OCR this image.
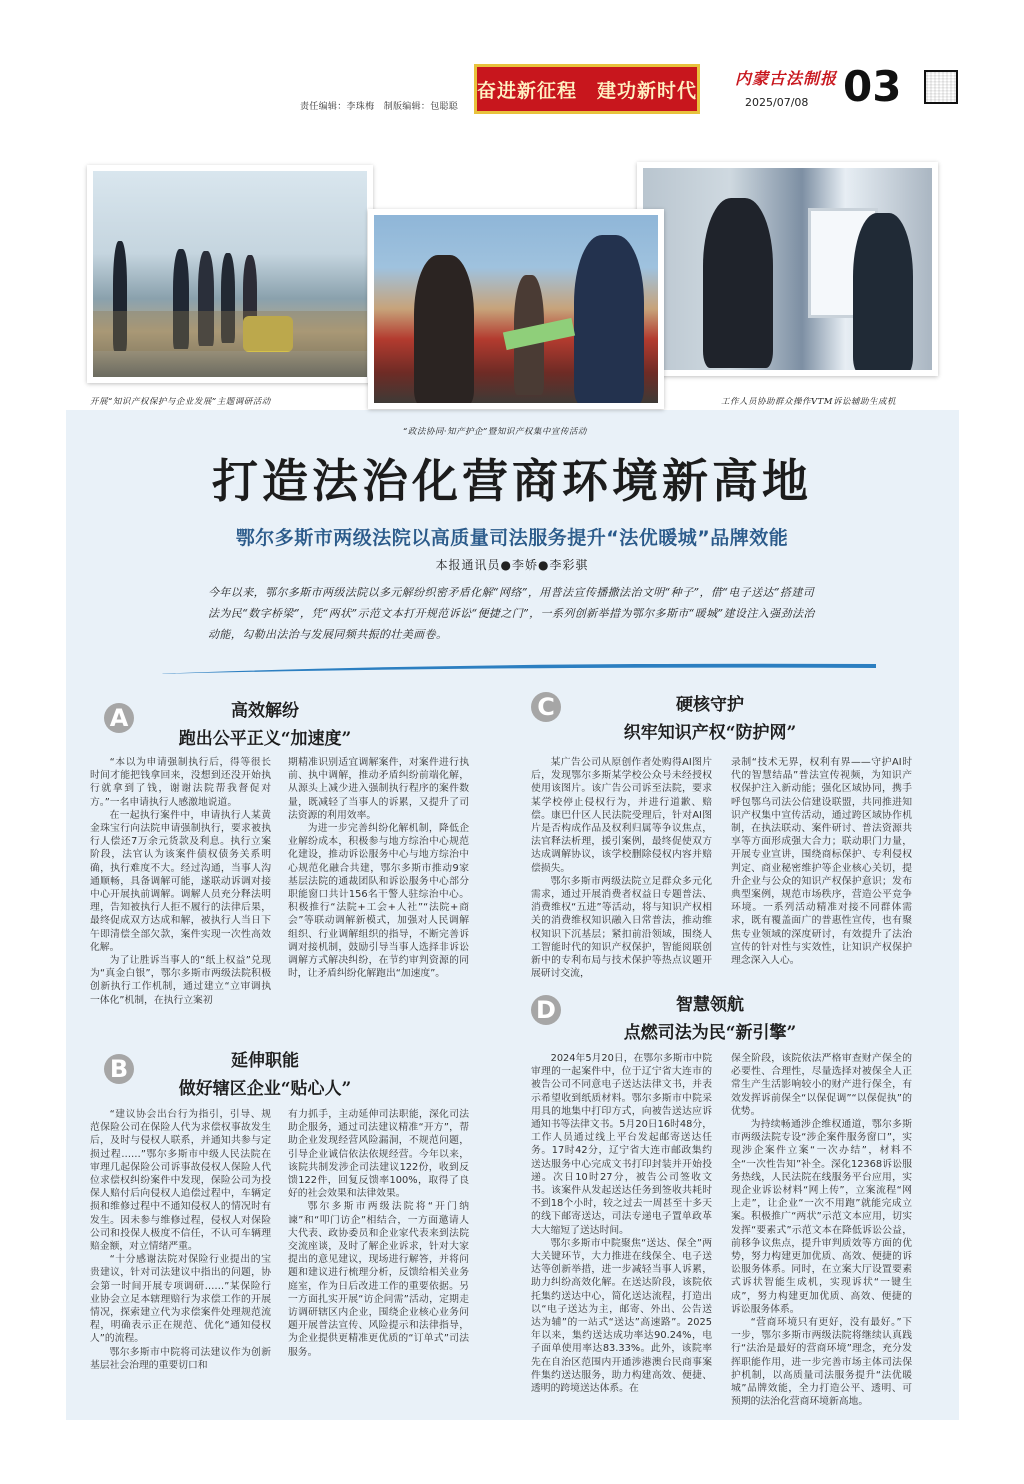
责任编辑：李珠梅　制版编辑：包聪聪
奋进新征程　建功新时代
内蒙古法制报
2025/07/08 03
开展“知识产权保护与企业发展”主题调研活动
“政法协同·知产护企”暨知识产权集中宣传活动
工作人员协助群众操作VTM诉讼辅助生成机
打造法治化营商环境新高地
鄂尔多斯市两级法院以高质量司法服务提升“法优暖城”品牌效能
本报通讯员●李娇●李彩骐
今年以来，鄂尔多斯市两级法院以多元解纷织密矛盾化解“网络”，用普法宣传播撒法治文明“种子”，借“电子送达”搭建司法为民“数字桥梁”，凭“两状”示范文本打开规范诉讼“便捷之门”，一系列创新举措为鄂尔多斯市“暖城”建设注入强劲法治动能，勾勒出法治与发展同频共振的壮美画卷。
A	高效解纷
跑出公平正义“加速度”

“本以为申请强制执行后，得等很长时间才能把钱拿回来，没想到还没开始执行就拿到了钱，谢谢法院帮我督促对方。”一名申请执行人感激地说道。

在一起执行案件中，申请执行人某黄金珠宝行向法院申请强制执行，要求被执行人偿还7万余元货款及利息。执行立案阶段，法官认为该案件债权债务关系明确，执行难度不大。经过沟通，当事人沟通顺畅，具备调解可能，遂联动诉调对接中心开展执前调解。调解人员充分释法明理，告知被执行人拒不履行的法律后果，最终促成双方达成和解，被执行人当日下午即清偿全部欠款，案件实现一次性高效化解。

为了让胜诉当事人的“纸上权益”兑现为“真金白银”，鄂尔多斯市两级法院积极创新执行工作机制，通过建立“立审调执一体化”机制，在执行立案初

期精准识别适宜调解案件，对案件进行执前、执中调解，推动矛盾纠纷前端化解，从源头上减少进入强制执行程序的案件数量，既减轻了当事人的诉累，又提升了司法资源的利用效率。

为进一步完善纠纷化解机制，降低企业解纷成本，积极参与地方综治中心规范化建设，推动诉讼服务中心与地方综治中心规范化融合共建，鄂尔多斯市推动9家基层法院的通裁团队和诉讼服务中心部分职能窗口共计156名干警人驻综治中心。积极推行“法院+工会+人社”“法院+商会”等联动调解新模式，加强对人民调解组织、行业调解组织的指导，不断完善诉调对接机制，鼓励引导当事人选择非诉讼调解方式解决纠纷，在节约审判资源的同时，让矛盾纠纷化解跑出“加速度”。

B	延伸职能
做好辖区企业“贴心人”

“建议协会出台行为指引，引导、规范保险公司在保险人代为求偿权事故发生后，及时与侵权人联系，并通知共参与定损过程……”鄂尔多斯市中级人民法院在审理几起保险公司诉事故侵权人保险人代位求偿权纠纷案件中发现，保险公司为投保人赔付后向侵权人追偿过程中，车辆定损和维修过程中不通知侵权人的情况时有发生。因未参与维修过程，侵权人对保险公司和投保人极度不信任，不认可车辆理赔金额，对立情绪严重。

“十分感谢法院对保险行业提出的宝贵建议，针对司法建议中指出的问题，协会第一时间开展专项调研……”某保险行业协会立足本辖理赔行为求偿工作的开展情况，探索建立代为求偿案件处理规范流程，明确表示正在规范、优化“通知侵权人”的流程。

鄂尔多斯市中院将司法建议作为创新基层社会治理的重要切口和

有力抓手，主动延伸司法职能，深化司法助企服务，通过司法建议精准“开方”，帮助企业发现经营风险漏洞，不规范问题，引导企业诚信依法依规经营。今年以来，该院共制发涉企司法建议122份，收到反馈122件，回复反馈率100%，取得了良好的社会效果和法律效果。

鄂尔多斯市两级法院将“开门纳谏”和“叩门访企”相结合，一方面邀请人大代表、政协委员和企业家代表来到法院交流座谈，及时了解企业诉求，针对大家提出的意见建议，现场进行解答，并将问题和建议进行梳理分析，反馈给相关业务庭室，作为日后改进工作的重要依据。另一方面扎实开展“访企问需”活动，定期走访调研辖区内企业，围绕企业核心业务问题开展普法宣传、风险提示和法律指导，为企业提供更精准更优质的“订单式”司法服务。

C	硬核守护
织牢知识产权“防护网”

某广告公司从原创作者处购得AI图片后，发现鄂尔多斯某学校公众号未经授权使用该图片。该广告公司诉至法院，要求某学校停止侵权行为，并进行道歉、赔偿。康巴什区人民法院受理后，针对AI图片是否构成作品及权利归属等争议焦点，法官释法析理，援引案例，最终促使双方达成调解协议，该学校删除侵权内容并赔偿损失。

鄂尔多斯市两级法院立足群众多元化需求，通过开展消费者权益日专题普法、消费维权“五进”等活动，将与知识产权相关的消费维权知识融入日常普法，推动维权知识下沉基层；紧扣前沿领域，围绕人工智能时代的知识产权保护，智能阅联创新中的专利布局与技术保护等热点议题开展研讨交流，

录制“技术无界，权利有界——守护AI时代的智慧结晶”普法宣传视频，为知识产权保护注入新动能；强化区域协同，携手呼包鄂乌司法公信建设联盟，共同推进知识产权集中宣传活动，通过跨区域协作机制，在执法联动、案件研讨、普法资源共享等方面形成强大合力；联动职门力量，开展专业宣讲，围绕商标保护、专利侵权判定、商业秘密维护等企业核心关切，提升企业与公众的知识产权保护意识；发布典型案例，规范市场秩序，营造公平竞争环境。一系列活动精准对接不同群体需求，既有覆盖面广的普惠性宣传，也有聚焦专业领域的深度研讨，有效提升了法治宣传的针对性与实效性，让知识产权保护理念深入人心。

D	智慧领航
点燃司法为民“新引擎”

2024年5月20日，在鄂尔多斯市中院审理的一起案件中，位于辽宁省大连市的被告公司不同意电子送达法律文书，并表示希望收到纸质材料。鄂尔多斯市中院采用具的地集中打印方式，向被告送达应诉通知书等法律文书。5月20日16时48分，工作人员通过线上平台发起邮寄送达任务。17时42分，辽宁省大连市邮政集约送达服务中心完成文书打印封装并开始投递。次日10时27分，被告公司签收文书。该案件从发起送达任务到签收共耗时不到18个小时，较之过去一周甚至十多天的线下邮寄送达，司法专递电子置单政革大大缩短了送达时间。

鄂尔多斯市中院聚焦“送达、保全”两大关键环节，大力推进在线保全、电子送达等创新举措，进一步减轻当事人诉累，助力纠纷高效化解。在送达阶段，该院依托集约送达中心，简化送达流程，打造出以“电子送达为主，邮寄、外出、公告送达为辅”的一站式“送达”高速路”。2025年以来，集约送达成功率达90.24%，电子面单使用率达83.33%。此外，该院率先在自治区范围内开通涉港澳台民商事案件集约送达服务，助力构建高效、便捷、透明的跨境送达体系。在

保全阶段，该院依法严格审查财产保全的必要性、合理性，尽量选择对被保全人正常生产生活影响较小的财产进行保全，有效发挥诉前保全“以保促调”“以保促执”的优势。

为持续畅通涉企维权通道，鄂尔多斯市两级法院专设“涉企案件服务窗口”，实现涉企案件立案“一次办结”，材料不全“一次性告知”补全。深化12368诉讼服务热线，人民法院在线服务平台应用，实现企业诉讼材料“网上传”，立案流程“网上走”，让企业“一次不用跑”就能完成立案。积极推广“两状”示范文本应用，切实发挥“要素式”示范文本在降低诉讼公益，前移争议焦点，提升审判质效等方面的优势，努力构建更加优质、高效、便捷的诉讼服务体系。同时，在立案大厅设置要素式诉状智能生成机，实现诉状“一键生成”，努力构建更加优质、高效、便捷的诉讼服务体系。

“营商环境只有更好，没有最好。”下一步，鄂尔多斯市两级法院将继续认真践行“法治是最好的营商环境”理念，充分发挥职能作用，进一步完善市场主体司法保护机制，以高质量司法服务提升“法优暖城”品牌效能，全力打造公平、透明、可预期的法治化营商环境新高地。
